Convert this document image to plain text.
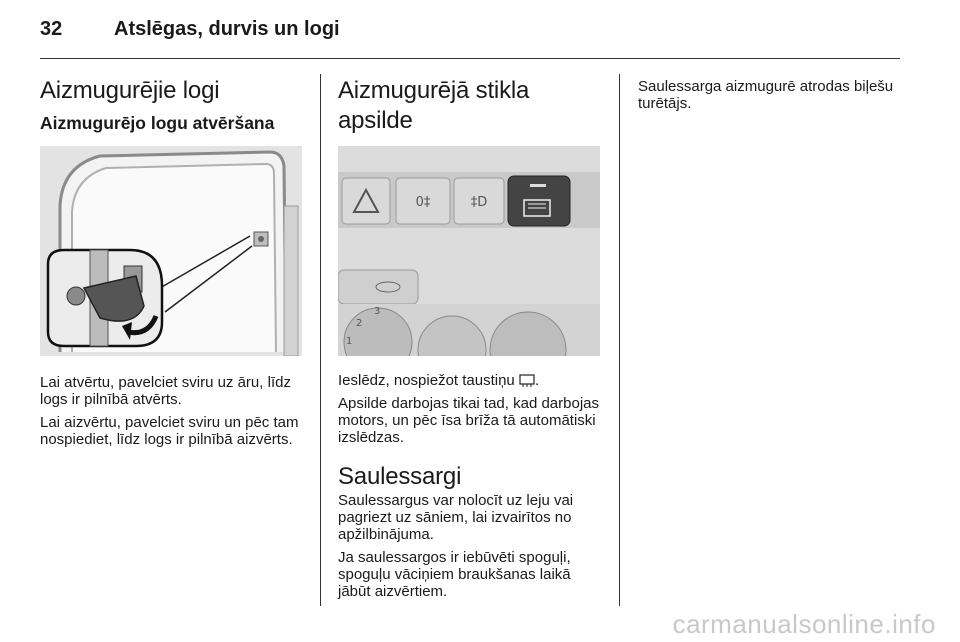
32	Atslēgas, durvis un logi
Aizmugurējie logi
Aizmugurējo logu atvēršana

Lai atvērtu, pavelciet sviru uz āru, līdz logs ir pilnībā atvērts.

Lai aizvērtu, pavelciet sviru un pēc tam nospiediet, līdz logs ir pilnībā aizvērts.

Aizmugurējā stikla apsilde
0‡	‡D
2
1
3

Ieslēdz, nospiežot taustiņu .

Apsilde darbojas tikai tad, kad darbojas motors, un pēc īsa brīža tā automātiski izslēdzas.

Saulessargi

Saulessargus var nolocīt uz leju vai pagriezt uz sāniem, lai izvairītos no apžilbinājuma.

Ja saulessargos ir iebūvēti spoguļi, spoguļu vāciņiem braukšanas laikā jābūt aizvērtiem.

Saulessarga aizmugurē atrodas biļešu turētājs.

carmanualsonline.info
